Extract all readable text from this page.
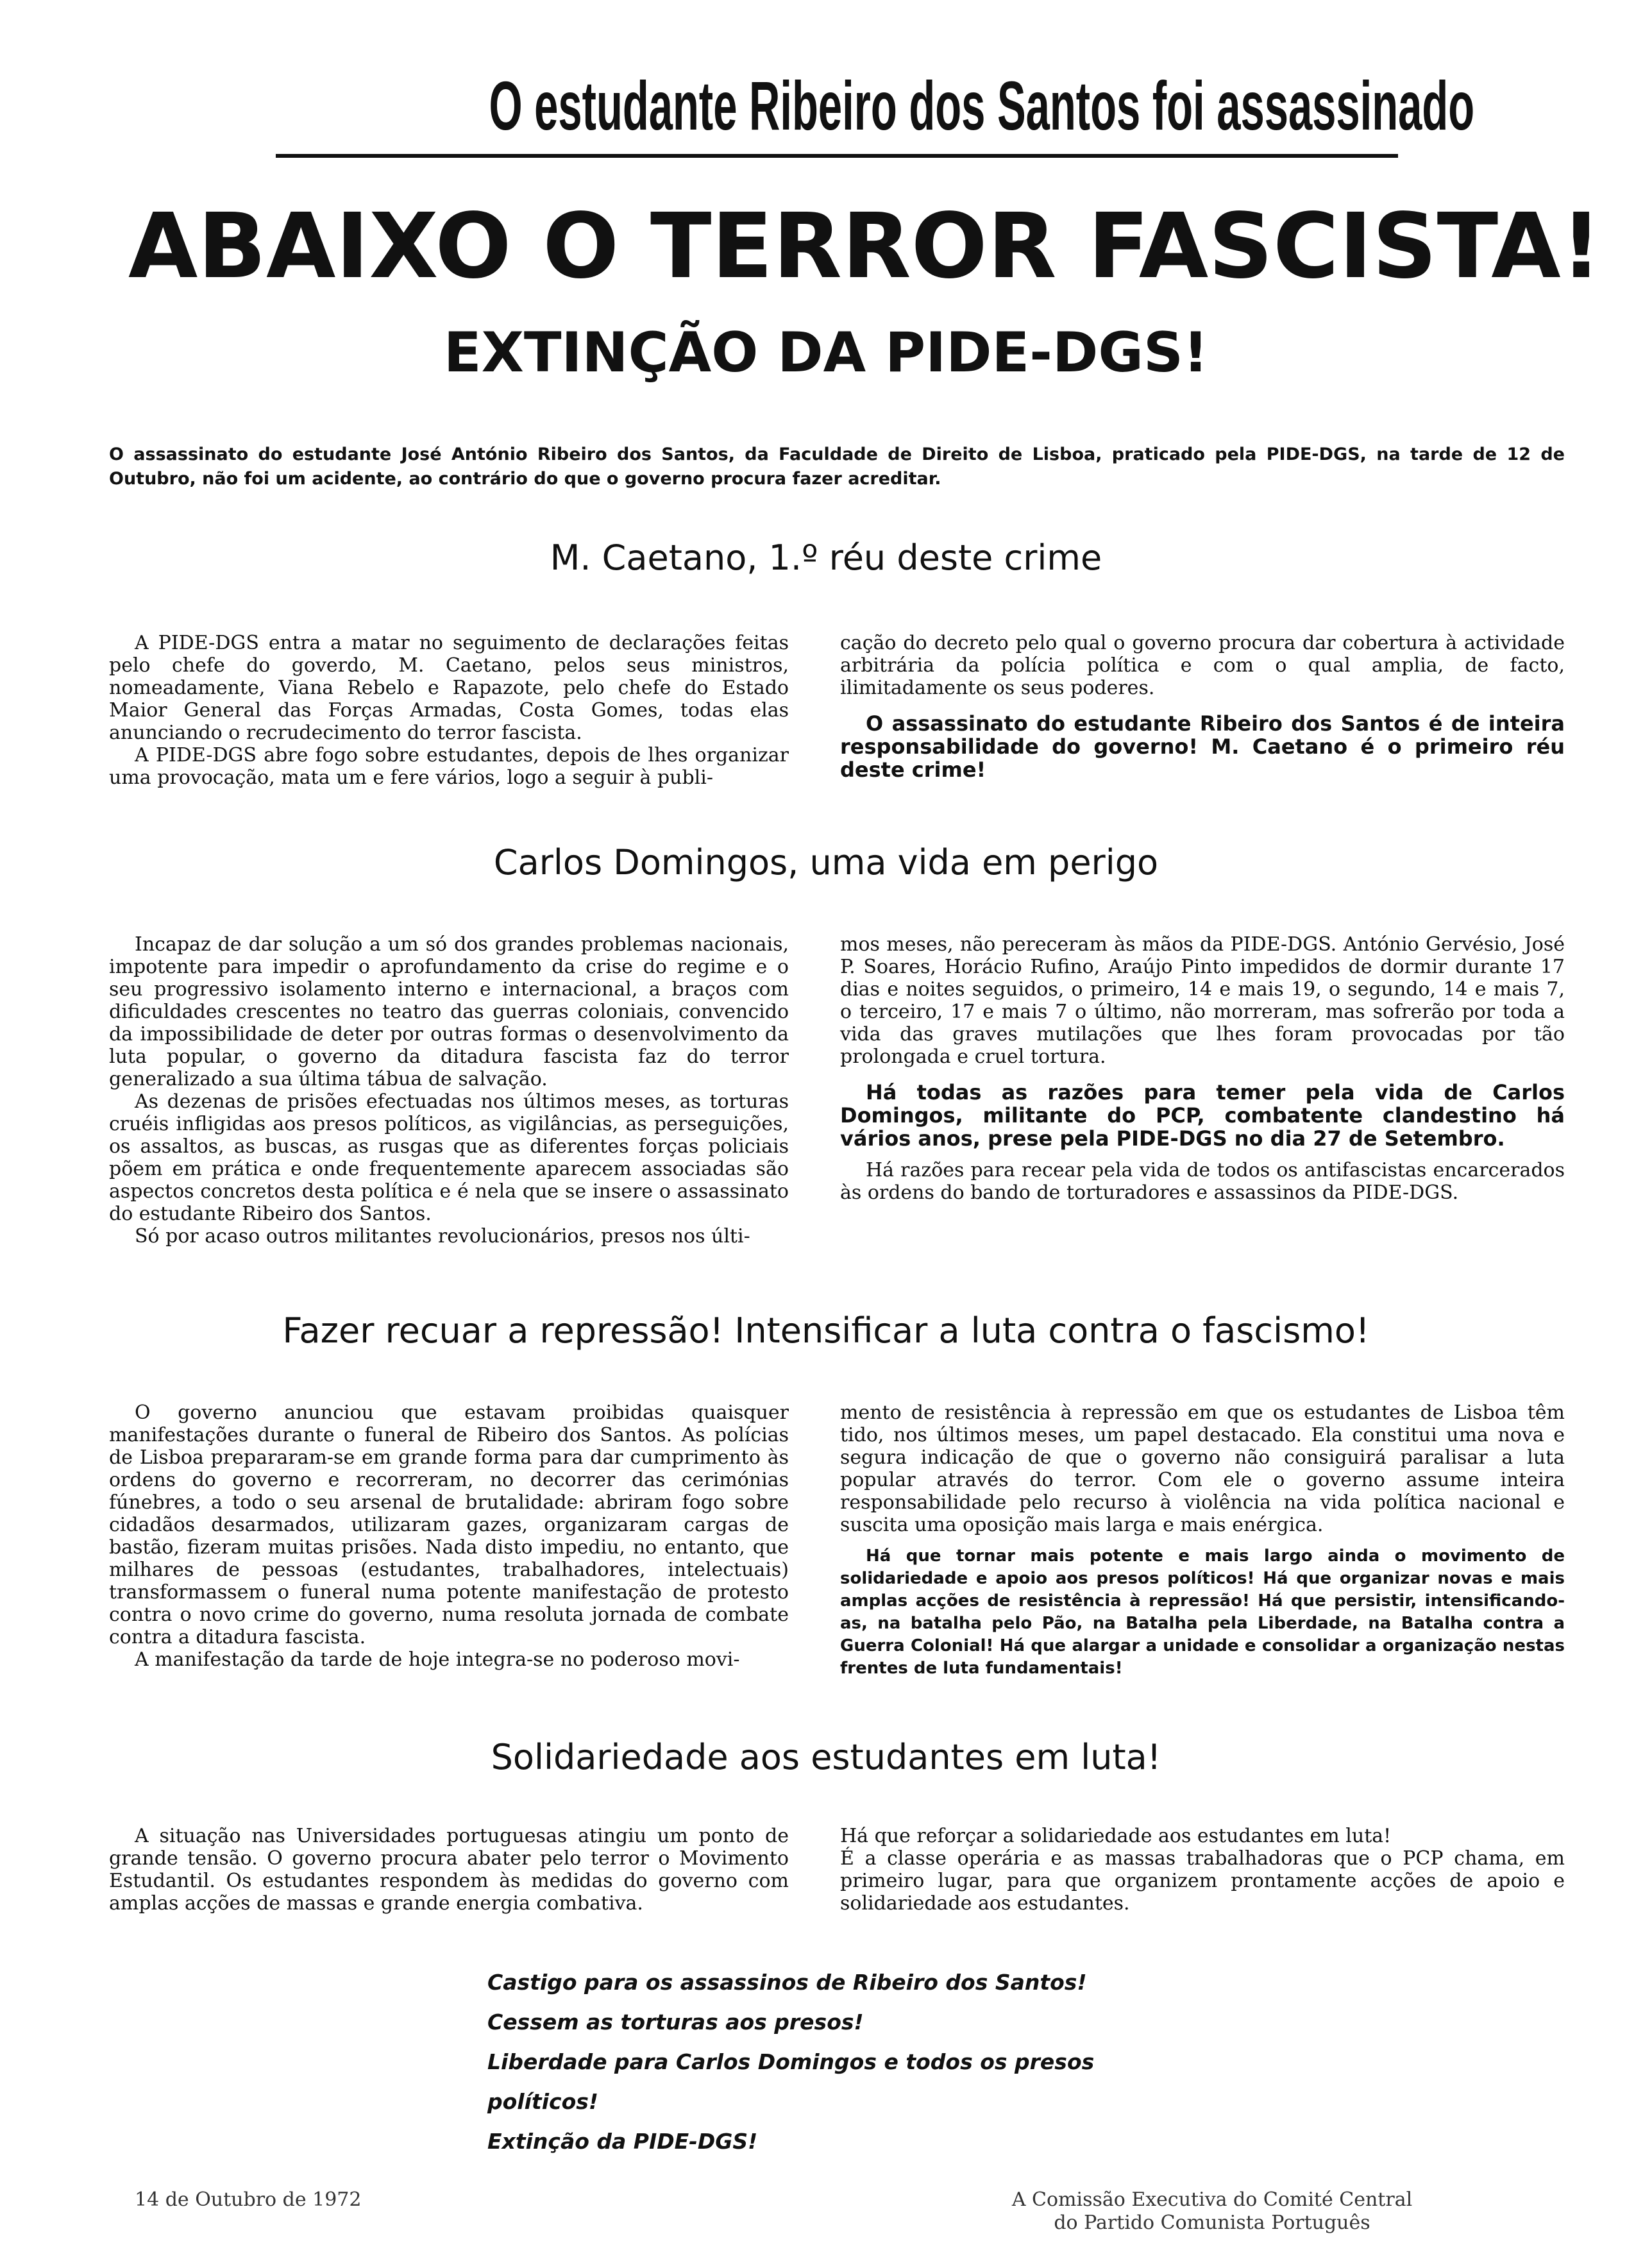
O estudante Ribeiro dos Santos foi assassinado
ABAIXO O TERROR FASCISTA!
EXTINÇÃO DA PIDE-DGS!
O assassinato do estudante José António Ribeiro dos Santos, da Faculdade de Direito de Lisboa, praticado pela PIDE-DGS, na tarde de 12 de Outubro, não foi um acidente, ao contrário do que o governo procura fazer acreditar.
M. Caetano, 1.º réu deste crime

A PIDE-DGS entra a matar no seguimento de declarações feitas pelo chefe do goverdo, M. Caetano, pelos seus ministros, nomeadamente, Viana Rebelo e Rapazote, pelo chefe do Estado Maior General das Forças Armadas, Costa Gomes, todas elas anunciando o recrudecimento do terror fascista.

A PIDE-DGS abre fogo sobre estudantes, depois de lhes organizar uma provocação, mata um e fere vários, logo a seguir à publi-

cação do decreto pelo qual o governo procura dar cobertura à actividade arbitrária da polícia política e com o qual amplia, de facto, ilimitadamente os seus poderes.

O assassinato do estudante Ribeiro dos Santos é de inteira responsabilidade do governo! M. Caetano é o primeiro réu deste crime!

Carlos Domingos, uma vida em perigo

Incapaz de dar solução a um só dos grandes problemas nacionais, impotente para impedir o aprofundamento da crise do regime e o seu progressivo isolamento interno e internacional, a braços com dificuldades crescentes no teatro das guerras coloniais, convencido da impossibilidade de deter por outras formas o desenvolvimento da luta popular, o governo da ditadura fascista faz do terror generalizado a sua última tábua de salvação.

As dezenas de prisões efectuadas nos últimos meses, as torturas cruéis infligidas aos presos políticos, as vigilâncias, as perseguições, os assaltos, as buscas, as rusgas que as diferentes forças policiais põem em prática e onde frequentemente aparecem associadas são aspectos concretos desta política e é nela que se insere o assassinato do estudante Ribeiro dos Santos.

Só por acaso outros militantes revolucionários, presos nos últi-

mos meses, não pereceram às mãos da PIDE-DGS. António Gervésio, José P. Soares, Horácio Rufino, Araújo Pinto impedidos de dormir durante 17 dias e noites seguidos, o primeiro, 14 e mais 19, o segundo, 14 e mais 7, o terceiro, 17 e mais 7 o último, não morreram, mas sofrerão por toda a vida das graves mutilações que lhes foram provocadas por tão prolongada e cruel tortura.

Há todas as razões para temer pela vida de Carlos Domingos, militante do PCP, combatente clandestino há vários anos, prese pela PIDE-DGS no dia 27 de Setembro.

Há razões para recear pela vida de todos os antifascistas encarcerados às ordens do bando de torturadores e assassinos da PIDE-DGS.

Fazer recuar a repressão! Intensificar a luta contra o fascismo!

O governo anunciou que estavam proibidas quaisquer manifestações durante o funeral de Ribeiro dos Santos. As polícias de Lisboa prepararam-se em grande forma para dar cumprimento às ordens do governo e recorreram, no decorrer das cerimónias fúnebres, a todo o seu arsenal de brutalidade: abriram fogo sobre cidadãos desarmados, utilizaram gazes, organizaram cargas de bastão, fizeram muitas prisões. Nada disto impediu, no entanto, que milhares de pessoas (estudantes, trabalhadores, intelectuais) transformassem o funeral numa potente manifestação de protesto contra o novo crime do governo, numa resoluta jornada de combate contra a ditadura fascista.

A manifestação da tarde de hoje integra-se no poderoso movi-

mento de resistência à repressão em que os estudantes de Lisboa têm tido, nos últimos meses, um papel destacado. Ela constitui uma nova e segura indicação de que o governo não consiguirá paralisar a luta popular através do terror. Com ele o governo assume inteira responsabilidade pelo recurso à violência na vida política nacional e suscita uma oposição mais larga e mais enérgica.

Há que tornar mais potente e mais largo ainda o movimento de solidariedade e apoio aos presos políticos! Há que organizar novas e mais amplas acções de resistência à repressão! Há que persistir, intensificando-as, na batalha pelo Pão, na Batalha pela Liberdade, na Batalha contra a Guerra Colonial! Há que alargar a unidade e consolidar a organização nestas frentes de luta fundamentais!

Solidariedade aos estudantes em luta!

A situação nas Universidades portuguesas atingiu um ponto de grande tensão. O governo procura abater pelo terror o Movimento Estudantil. Os estudantes respondem às medidas do governo com amplas acções de massas e grande energia combativa.

Há que reforçar a solidariedade aos estudantes em luta!

É a classe operária e as massas trabalhadoras que o PCP chama, em primeiro lugar, para que organizem prontamente acções de apoio e solidariedade aos estudantes.

Castigo para os assassinos de Ribeiro dos Santos!
Cessem as torturas aos presos!
Liberdade para Carlos Domingos e todos os presos
políticos!
Extinção da PIDE-DGS!
14 de Outubro de 1972	A Comissão Executiva do Comité Central
do Partido Comunista Português
